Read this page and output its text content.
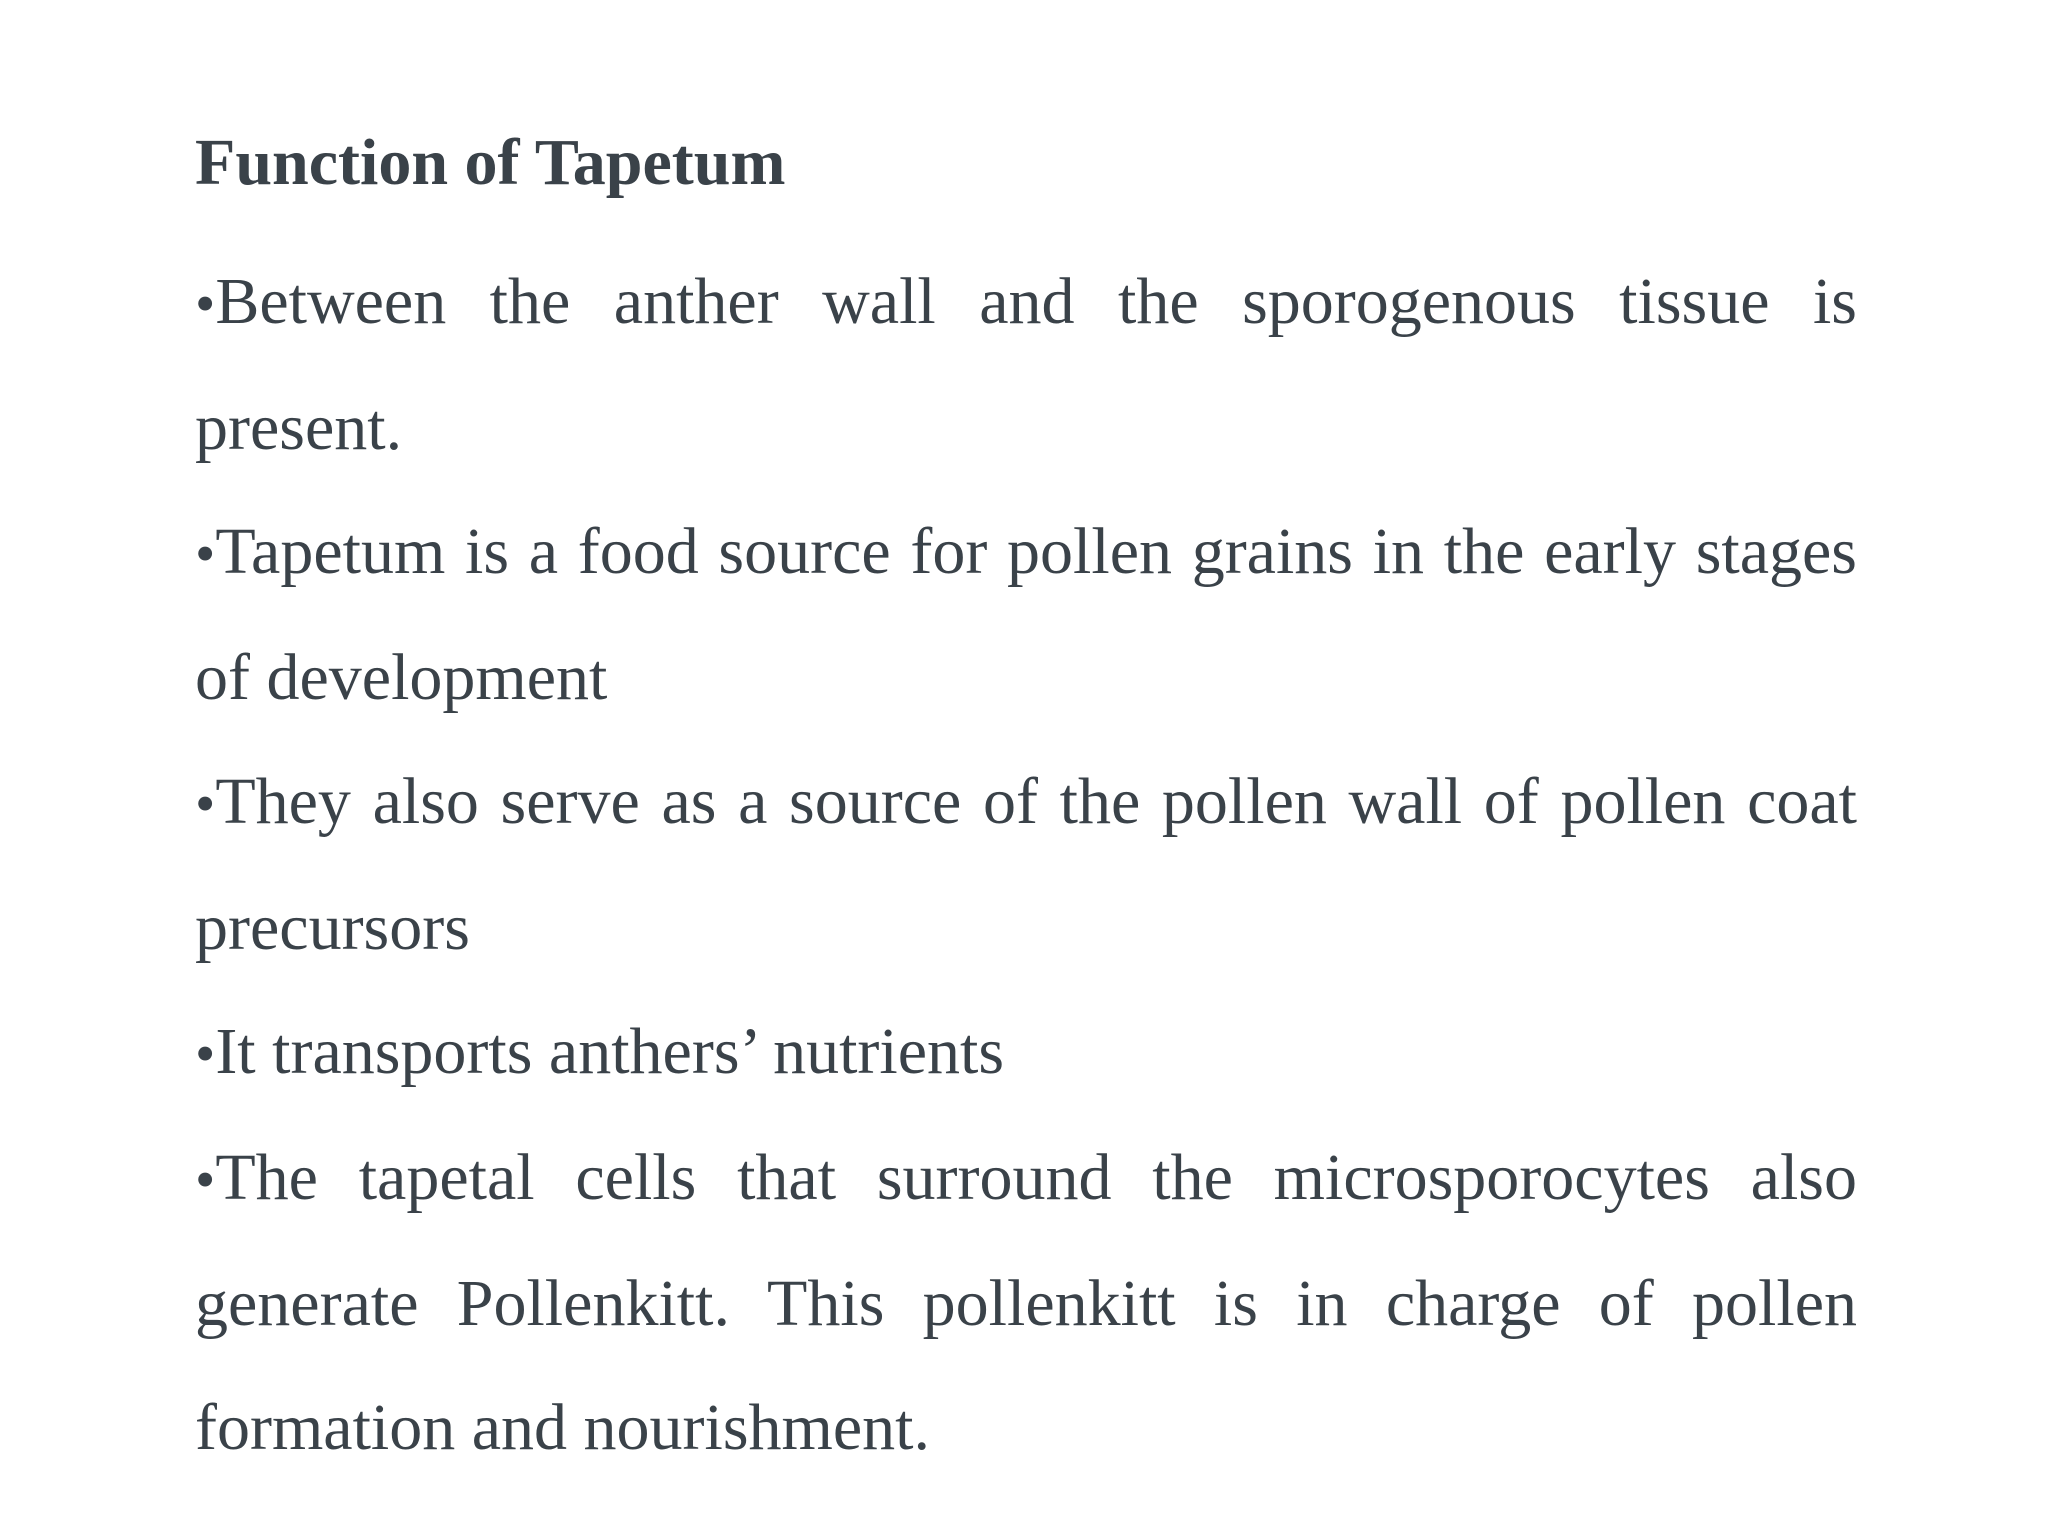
Function of Tapetum
•Between the anther wall and the sporogenous tissue is present.
•Tapetum is a food source for pollen grains in the early stages of development
•They also serve as a source of the pollen wall of pollen coat precursors
•It transports anthers’ nutrients
•The tapetal cells that surround the microsporocytes also generate Pollenkitt. This pollenkitt is in charge of pollen formation and nourishment.
